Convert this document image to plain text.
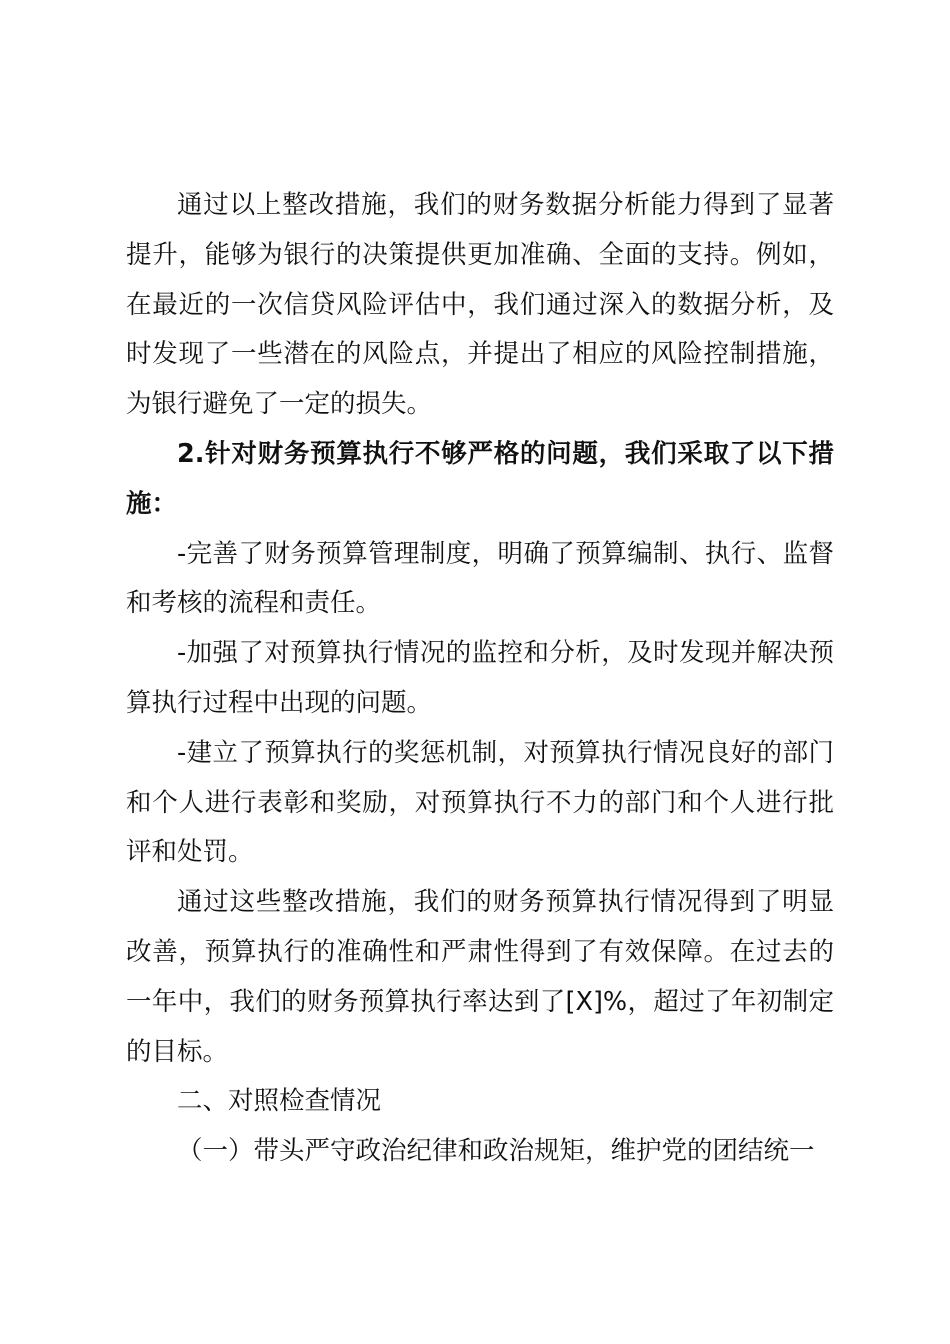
通过以上整改措施，我们的财务数据分析能力得到了显著提升，能够为银行的决策提供更加准确、全面的支持。例如，在最近的一次信贷风险评估中，我们通过深入的数据分析，及时发现了一些潜在的风险点，并提出了相应的风险控制措施，为银行避免了一定的损失。

2.针对财务预算执行不够严格的问题，我们采取了以下措施：

-完善了财务预算管理制度，明确了预算编制、执行、监督和考核的流程和责任。

-加强了对预算执行情况的监控和分析，及时发现并解决预算执行过程中出现的问题。

-建立了预算执行的奖惩机制，对预算执行情况良好的部门和个人进行表彰和奖励，对预算执行不力的部门和个人进行批评和处罚。

通过这些整改措施，我们的财务预算执行情况得到了明显改善，预算执行的准确性和严肃性得到了有效保障。在过去的一年中，我们的财务预算执行率达到了[X]%，超过了年初制定的目标。

二、对照检查情况

（一）带头严守政治纪律和政治规矩，维护党的团结统一
